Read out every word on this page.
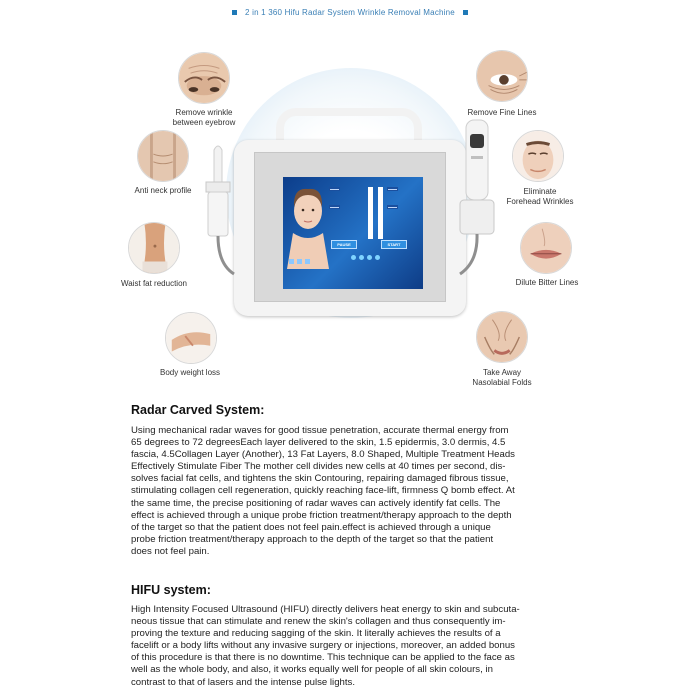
2 in 1 360 Hifu Radar System Wrinkle Removal Machine
Remove wrinkle
between eyebrow
Anti neck profile
Waist fat reduction
Body weight loss
Remove Fine Lines
Eliminate
Forehead Wrinkles
Dilute Bitter Lines
Take Away
Nasolabial Folds
▬▬▬
▬▬▬
▬▬▬
▬▬▬
PAUSE	START
Radar Carved System:

Using mechanical radar waves for good tissue penetration, accurate thermal energy from
65 degrees to 72 degreesEach layer delivered to the skin, 1.5 epidermis, 3.0 dermis, 4.5
fascia, 4.5Collagen Layer (Another), 13 Fat Layers, 8.0 Shaped, Multiple Treatment Heads
Effectively Stimulate Fiber The mother cell divides new cells at 40 times per second, dis-
solves facial fat cells, and tightens the skin Contouring, repairing damaged fibrous tissue,
stimulating collagen cell regeneration, quickly reaching face-lift, firmness Q bomb effect. At
the same time, the precise positioning of radar waves can actively identify fat cells. The
effect is achieved through a unique probe friction treatment/therapy approach to the depth
of the target so that the patient does not feel pain.effect is achieved through a unique
probe friction treatment/therapy approach to the depth of the target so that the patient
does not feel pain.

HIFU system:

High Intensity Focused Ultrasound (HIFU) directly delivers heat energy to skin and subcuta-
neous tissue that can stimulate and renew the skin's collagen and thus consequently im-
proving the texture and reducing sagging of the skin. It literally achieves the results of a
facelift or a body lifts without any invasive surgery or injections, moreover, an added bonus
of this procedure is that there is no downtime. This technique can be applied to the face as
well as the whole body, and also, it works equally well for people of all skin colours, in
contrast to that of lasers and the intense pulse lights.
